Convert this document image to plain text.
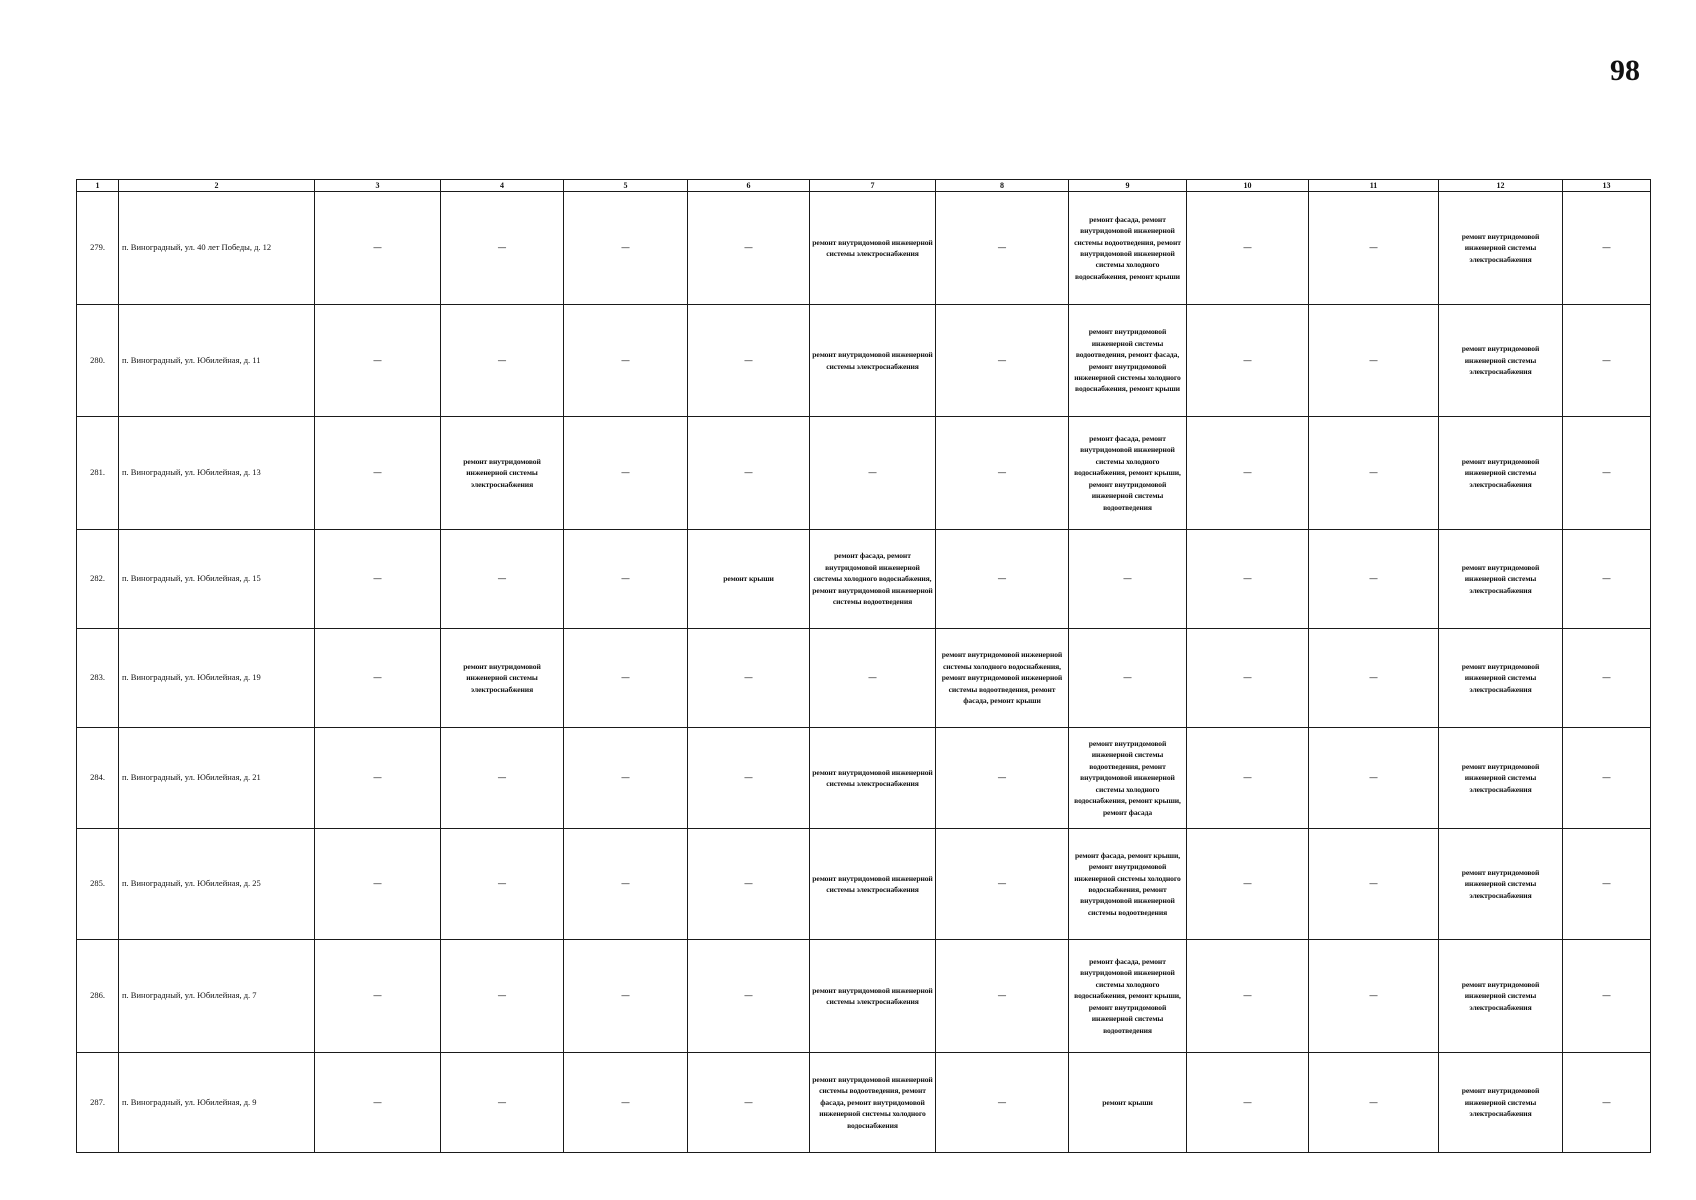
98
1	2	3	4	5	6	7	8	9	10	11	12	13
279.	п. Виноградный, ул. 40 лет Победы, д. 12	—	—	—	—	ремонт внутридомовой инженерной системы электроснабжения	—	ремонт фасада, ремонт внутридомовой инженерной системы водоотведения, ремонт внутридомовой инженерной системы холодного водоснабжения, ремонт крыши	—	—	ремонт внутридомовой инженерной системы электроснабжения	—
280.	п. Виноградный, ул. Юбилейная, д. 11	—	—	—	—	ремонт внутридомовой инженерной системы электроснабжения	—	ремонт внутридомовой инженерной системы водоотведения, ремонт фасада, ремонт внутридомовой инженерной системы холодного водоснабжения, ремонт крыши	—	—	ремонт внутридомовой инженерной системы электроснабжения	—
281.	п. Виноградный, ул. Юбилейная, д. 13	—	ремонт внутридомовой инженерной системы электроснабжения	—	—	—	—	ремонт фасада, ремонт внутридомовой инженерной системы холодного водоснабжения, ремонт крыши, ремонт внутридомовой инженерной системы водоотведения	—	—	ремонт внутридомовой инженерной системы электроснабжения	—
282.	п. Виноградный, ул. Юбилейная, д. 15	—	—	—	ремонт крыши	ремонт фасада, ремонт внутридомовой инженерной системы холодного водоснабжения, ремонт внутридомовой инженерной системы водоотведения	—	—	—	—	ремонт внутридомовой инженерной системы электроснабжения	—
283.	п. Виноградный, ул. Юбилейная, д. 19	—	ремонт внутридомовой инженерной системы электроснабжения	—	—	—	ремонт внутридомовой инженерной системы холодного водоснабжения, ремонт внутридомовой инженерной системы водоотведения, ремонт фасада, ремонт крыши	—	—	—	ремонт внутридомовой инженерной системы электроснабжения	—
284.	п. Виноградный, ул. Юбилейная, д. 21	—	—	—	—	ремонт внутридомовой инженерной системы электроснабжения	—	ремонт внутридомовой инженерной системы водоотведения, ремонт внутридомовой инженерной системы холодного водоснабжения, ремонт крыши, ремонт фасада	—	—	ремонт внутридомовой инженерной системы электроснабжения	—
285.	п. Виноградный, ул. Юбилейная, д. 25	—	—	—	—	ремонт внутридомовой инженерной системы электроснабжения	—	ремонт фасада, ремонт крыши, ремонт внутридомовой инженерной системы холодного водоснабжения, ремонт внутридомовой инженерной системы водоотведения	—	—	ремонт внутридомовой инженерной системы электроснабжения	—
286.	п. Виноградный, ул. Юбилейная, д. 7	—	—	—	—	ремонт внутридомовой инженерной системы электроснабжения	—	ремонт фасада, ремонт внутридомовой инженерной системы холодного водоснабжения, ремонт крыши, ремонт внутридомовой инженерной системы водоотведения	—	—	ремонт внутридомовой инженерной системы электроснабжения	—
287.	п. Виноградный, ул. Юбилейная, д. 9	—	—	—	—	ремонт внутридомовой инженерной системы водоотведения, ремонт фасада, ремонт внутридомовой инженерной системы холодного водоснабжения	—	ремонт крыши	—	—	ремонт внутридомовой инженерной системы электроснабжения	—
